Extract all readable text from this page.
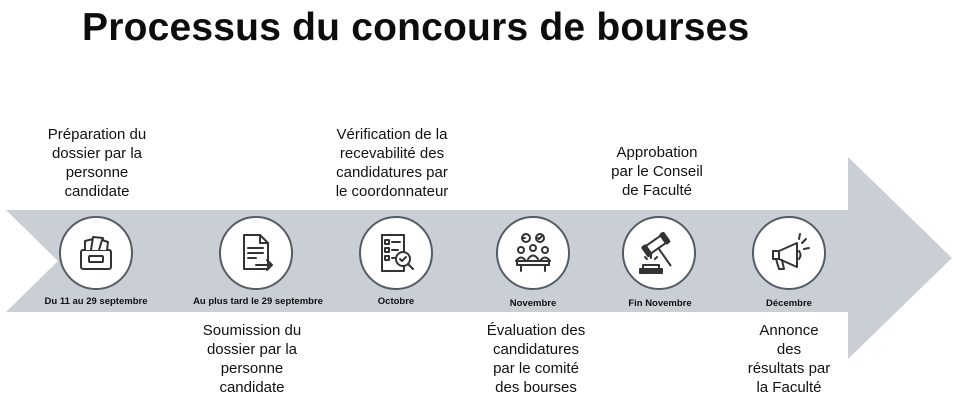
Processus du concours de bourses
Préparation du
dossier par la
personne
candidate
Du 11 au 29 septembre
Soumission du
dossier par la
personne
candidate
Au plus tard le 29 septembre
Vérification de la
recevabilité des
candidatures par
le coordonnateur
Octobre
Évaluation des
candidatures
par le comité
des bourses
Novembre
Approbation
par le Conseil
de Faculté
Fin Novembre
Annonce
des
résultats par
la Faculté
Décembre
